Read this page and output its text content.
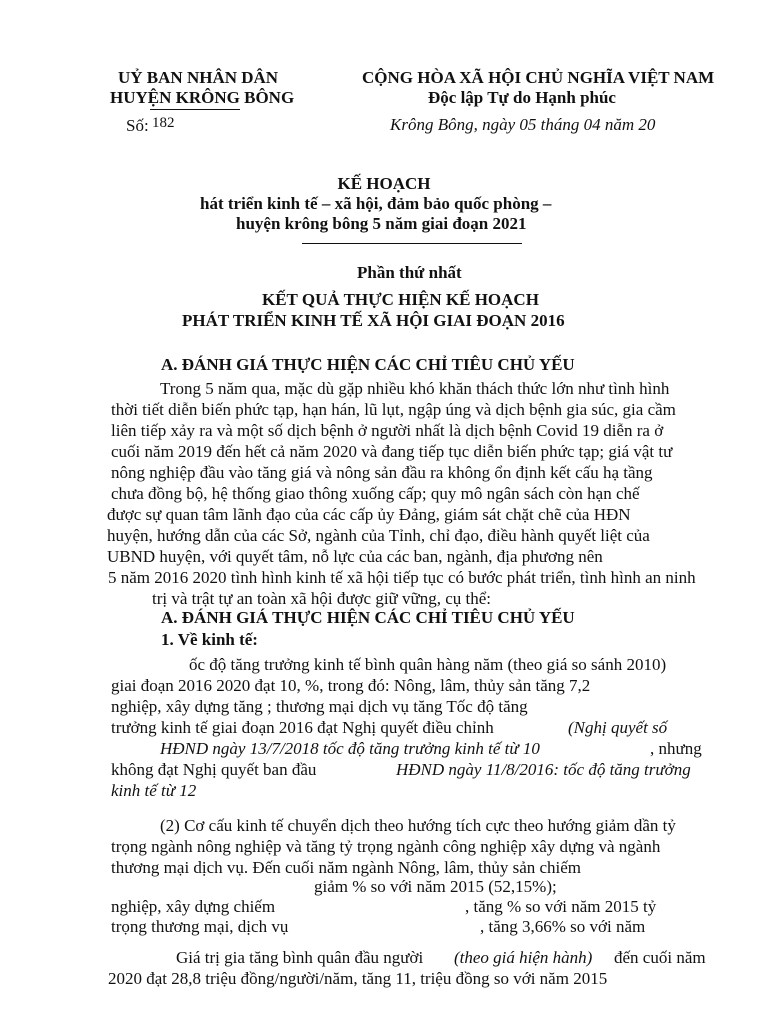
UỶ BAN NHÂN DÂN
HUYỆN KRÔNG BÔNG
Số: 182
CỘNG HÒA XÃ HỘI CHỦ NGHĨA VIỆT NAM
Độc lập Tự do Hạnh phúc
Krông Bông, ngày 05 tháng 04 năm 20
KẾ HOẠCH
hát triển kinh tế – xã hội, đảm bảo quốc phòng –
huyện krông bông 5 năm giai đoạn 2021
Phần thứ nhất
KẾT QUẢ THỰC HIỆN KẾ HOẠCH
PHÁT TRIỂN KINH TẾ XÃ HỘI GIAI ĐOẠN 2016
A. ĐÁNH GIÁ THỰC HIỆN CÁC CHỈ TIÊU CHỦ YẾU
Trong 5 năm qua, mặc dù gặp nhiều khó khăn thách thức lớn như tình hình
thời tiết diễn biến phức tạp, hạn hán, lũ lụt, ngập úng và dịch bệnh gia súc, gia cầm
liên tiếp xảy ra và một số dịch bệnh ở người nhất là dịch bệnh Covid 19 diễn ra ở
cuối năm 2019 đến hết cả năm 2020 và đang tiếp tục diễn biến phức tạp; giá vật tư
nông nghiệp đầu vào tăng giá và nông sản đầu ra không ổn định kết cấu hạ tầng
chưa đồng bộ, hệ thống giao thông xuống cấp; quy mô ngân sách còn hạn chế
được sự quan tâm lãnh đạo của các cấp ủy Đảng, giám sát chặt chẽ của HĐN
huyện, hướng dẫn của các Sở, ngành của Tỉnh, chỉ đạo, điều hành quyết liệt của
UBND huyện, với quyết tâm, nỗ lực của các ban, ngành, địa phương nên
5 năm 2016 2020 tình hình kinh tế xã hội tiếp tục có bước phát triển, tình hình an ninh
trị và trật tự an toàn xã hội được giữ vững, cụ thể:
A. ĐÁNH GIÁ THỰC HIỆN CÁC CHỈ TIÊU CHỦ YẾU
1. Về kinh tế:
ốc độ tăng trưởng kinh tế bình quân hàng năm (theo giá so sánh 2010)
giai đoạn 2016 2020 đạt 10, %, trong đó: Nông, lâm, thủy sản tăng 7,2
nghiệp, xây dựng tăng ; thương mại dịch vụ tăng Tốc độ tăng
trưởng kinh tế giai đoạn 2016 đạt Nghị quyết điều chỉnh	(Nghị quyết số
HĐND ngày 13/7/2018 tốc độ tăng trưởng kinh tế từ 10	, nhưng
không đạt Nghị quyết ban đầu	HĐND ngày 11/8/2016: tốc độ tăng trưởng
kinh tế từ 12
(2) Cơ cấu kinh tế chuyển dịch theo hướng tích cực theo hướng giảm dần tỷ
trọng ngành nông nghiệp và tăng tỷ trọng ngành công nghiệp xây dựng và ngành
thương mại dịch vụ. Đến cuối năm ngành Nông, lâm, thủy sản chiếm
giảm % so với năm 2015 (52,15%);
nghiệp, xây dựng chiếm	, tăng % so với năm 2015 tỷ
trọng thương mại, dịch vụ	, tăng 3,66% so với năm
Giá trị gia tăng bình quân đầu người (theo giá hiện hành) đến cuối năm
2020 đạt 28,8 triệu đồng/người/năm, tăng 11, triệu đồng so với năm 2015
